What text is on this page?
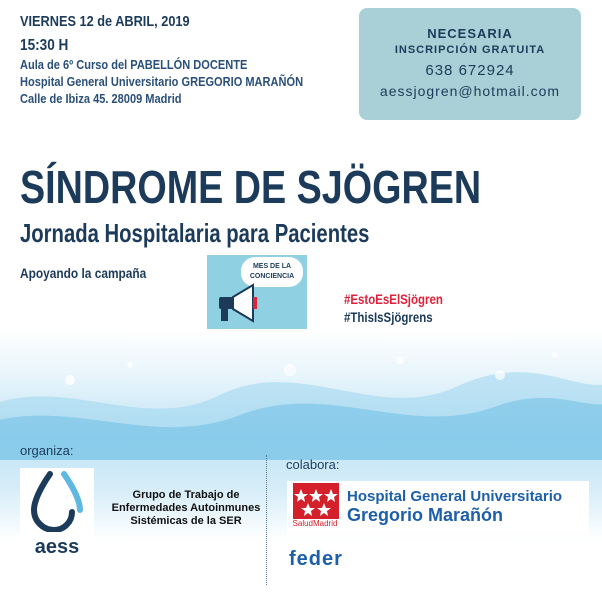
VIERNES 12 de ABRIL, 2019
15:30 H
Aula de 6º Curso del PABELLÓN DOCENTE
Hospital General Universitario GREGORIO MARAÑÓN
Calle de Ibiza 45. 28009 Madrid
NECESARIA
INSCRIPCIÓN GRATUITA
638 672924
aessjogren@hotmail.com
SÍNDROME DE SJÖGREN
Jornada Hospitalaria para Pacientes
Apoyando la campaña	MES DE LA CONCIENCIA
#EstoEsElSjögren
#ThisIsSjögrens
organiza:
aess
Grupo de Trabajo de Enfermedades Autoinmunes Sistémicas de la SER
colabora:
SaludMadrid
Hospital General Universitario
Gregorio Marañón
feder
